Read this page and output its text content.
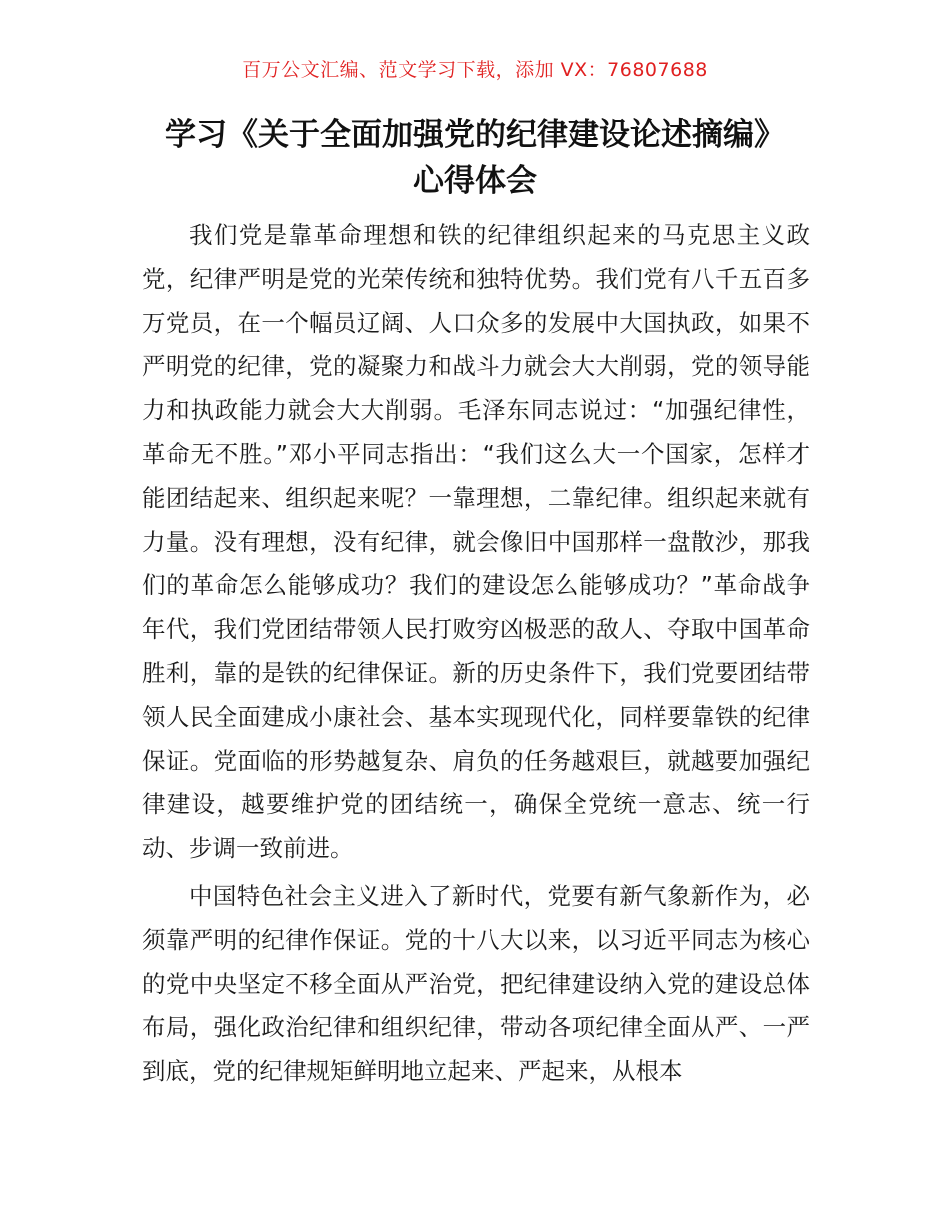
百万公文汇编、范文学习下载，添加 VX：76807688
学习《关于全面加强党的纪律建设论述摘编》
心得体会

我们党是靠革命理想和铁的纪律组织起来的马克思主义政党，纪律严明是党的光荣传统和独特优势。我们党有八千五百多万党员，在一个幅员辽阔、人口众多的发展中大国执政，如果不严明党的纪律，党的凝聚力和战斗力就会大大削弱，党的领导能力和执政能力就会大大削弱。毛泽东同志说过：“加强纪律性，革命无不胜。”邓小平同志指出：“我们这么大一个国家，怎样才能团结起来、组织起来呢？一靠理想，二靠纪律。组织起来就有力量。没有理想，没有纪律，就会像旧中国那样一盘散沙，那我们的革命怎么能够成功？我们的建设怎么能够成功？”革命战争年代，我们党团结带领人民打败穷凶极恶的敌人、夺取中国革命胜利，靠的是铁的纪律保证。新的历史条件下，我们党要团结带领人民全面建成小康社会、基本实现现代化，同样要靠铁的纪律保证。党面临的形势越复杂、肩负的任务越艰巨，就越要加强纪律建设，越要维护党的团结统一，确保全党统一意志、统一行动、步调一致前进。

中国特色社会主义进入了新时代，党要有新气象新作为，必须靠严明的纪律作保证。党的十八大以来，以习近平同志为核心的党中央坚定不移全面从严治党，把纪律建设纳入党的建设总体布局，强化政治纪律和组织纪律，带动各项纪律全面从严、一严到底，党的纪律规矩鲜明地立起来、严起来，从根本
